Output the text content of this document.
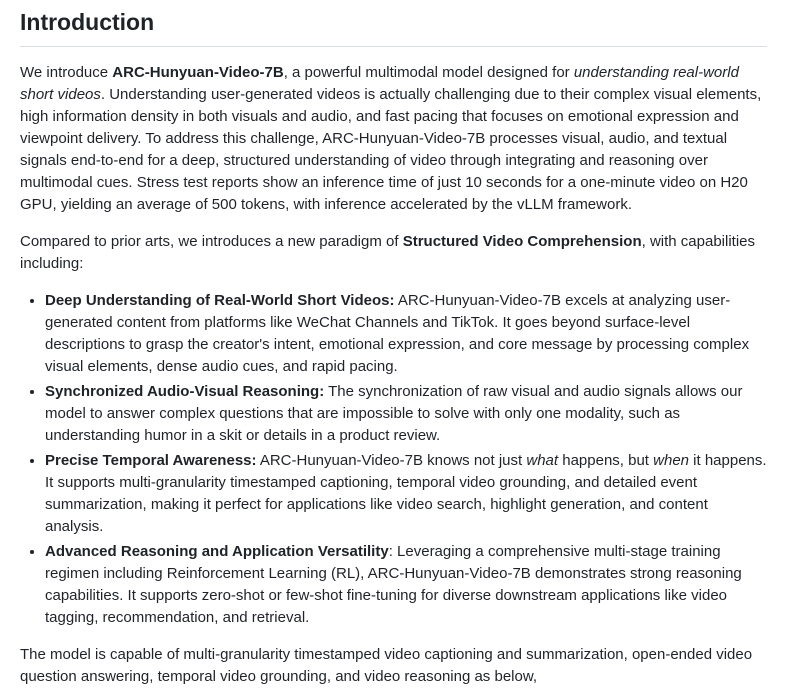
Introduction

We introduce ARC-Hunyuan-Video-7B, a powerful multimodal model designed for understanding real-world short videos. Understanding user-generated videos is actually challenging due to their complex visual elements, high information density in both visuals and audio, and fast pacing that focuses on emotional expression and viewpoint delivery. To address this challenge, ARC-Hunyuan-Video-7B processes visual, audio, and textual signals end-to-end for a deep, structured understanding of video through integrating and reasoning over multimodal cues. Stress test reports show an inference time of just 10 seconds for a one-minute video on H20 GPU, yielding an average of 500 tokens, with inference accelerated by the vLLM framework.

Compared to prior arts, we introduces a new paradigm of Structured Video Comprehension, with capabilities including:

• Deep Understanding of Real-World Short Videos: ARC-Hunyuan-Video-7B excels at analyzing user-generated content from platforms like WeChat Channels and TikTok. It goes beyond surface-level descriptions to grasp the creator's intent, emotional expression, and core message by processing complex visual elements, dense audio cues, and rapid pacing.
• Synchronized Audio-Visual Reasoning: The synchronization of raw visual and audio signals allows our model to answer complex questions that are impossible to solve with only one modality, such as understanding humor in a skit or details in a product review.
• Precise Temporal Awareness: ARC-Hunyuan-Video-7B knows not just what happens, but when it happens. It supports multi-granularity timestamped captioning, temporal video grounding, and detailed event summarization, making it perfect for applications like video search, highlight generation, and content analysis.
• Advanced Reasoning and Application Versatility: Leveraging a comprehensive multi-stage training regimen including Reinforcement Learning (RL), ARC-Hunyuan-Video-7B demonstrates strong reasoning capabilities. It supports zero-shot or few-shot fine-tuning for diverse downstream applications like video tagging, recommendation, and retrieval.

The model is capable of multi-granularity timestamped video captioning and summarization, open-ended video question answering, temporal video grounding, and video reasoning as below,
